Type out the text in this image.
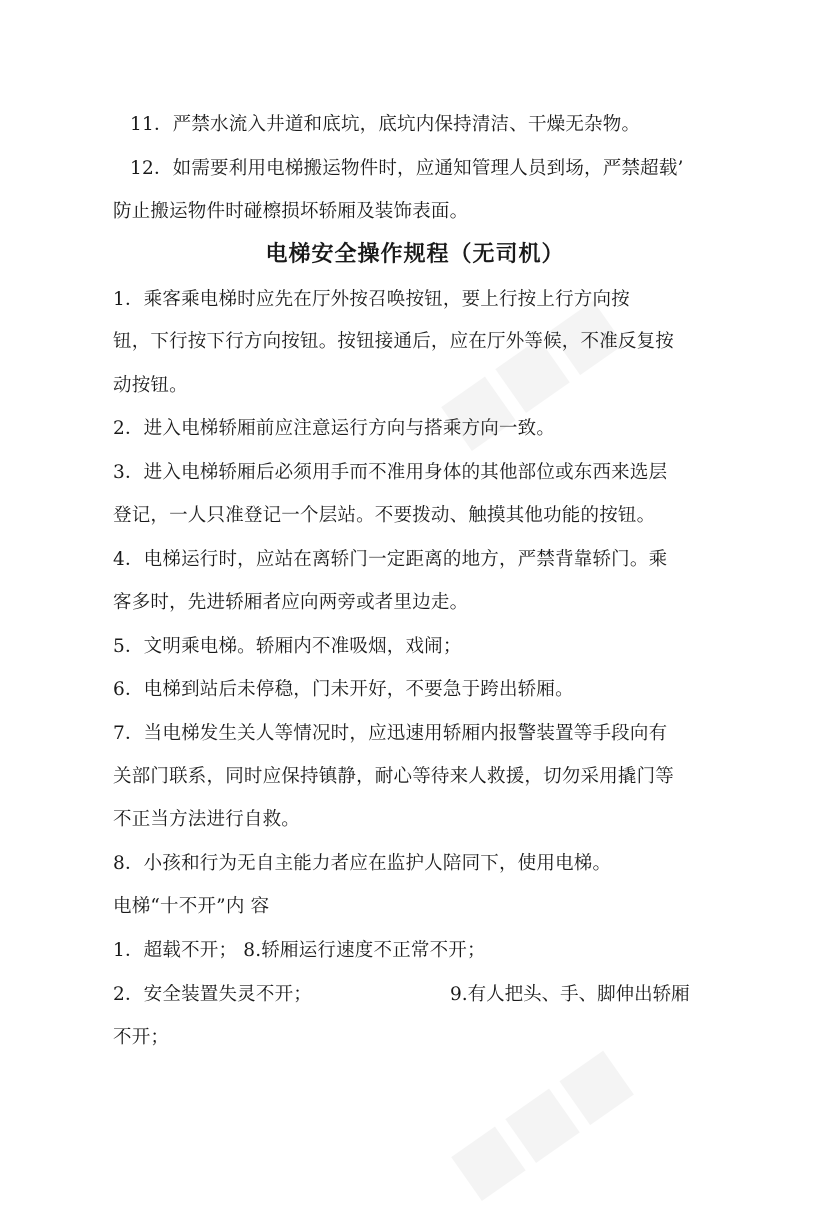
11．严禁水流入井道和底坑，底坑内保持清洁、干燥无杂物。
12．如需要利用电梯搬运物件时，应通知管理人员到场，严禁超载’
防止搬运物件时碰檫损坏轿厢及装饰表面。
电梯安全操作规程（无司机）
1．乘客乘电梯时应先在厅外按召唤按钮，要上行按上行方向按
钮，下行按下行方向按钮。按钮接通后，应在厅外等候，不准反复按
动按钮。
2．进入电梯轿厢前应注意运行方向与搭乘方向一致。
3．进入电梯轿厢后必须用手而不准用身体的其他部位或东西来选层
登记，一人只准登记一个层站。不要拨动、触摸其他功能的按钮。
4．电梯运行时，应站在离轿门一定距离的地方，严禁背靠轿门。乘
客多时，先进轿厢者应向两旁或者里边走。
5．文明乘电梯。轿厢内不准吸烟，戏闹；
6．电梯到站后未停稳，门未开好，不要急于跨出轿厢。
7．当电梯发生关人等情况时，应迅速用轿厢内报警装置等手段向有
关部门联系，同时应保持镇静，耐心等待来人救援，切勿采用撬门等
不正当方法进行自救。
8．小孩和行为无自主能力者应在监护人陪同下，使用电梯。
电梯“十不开”内 容
1．超载不开； 8.轿厢运行速度不正常不开；
2．安全装置失灵不开；	9.有人把头、手、脚伸出轿厢
不开；
